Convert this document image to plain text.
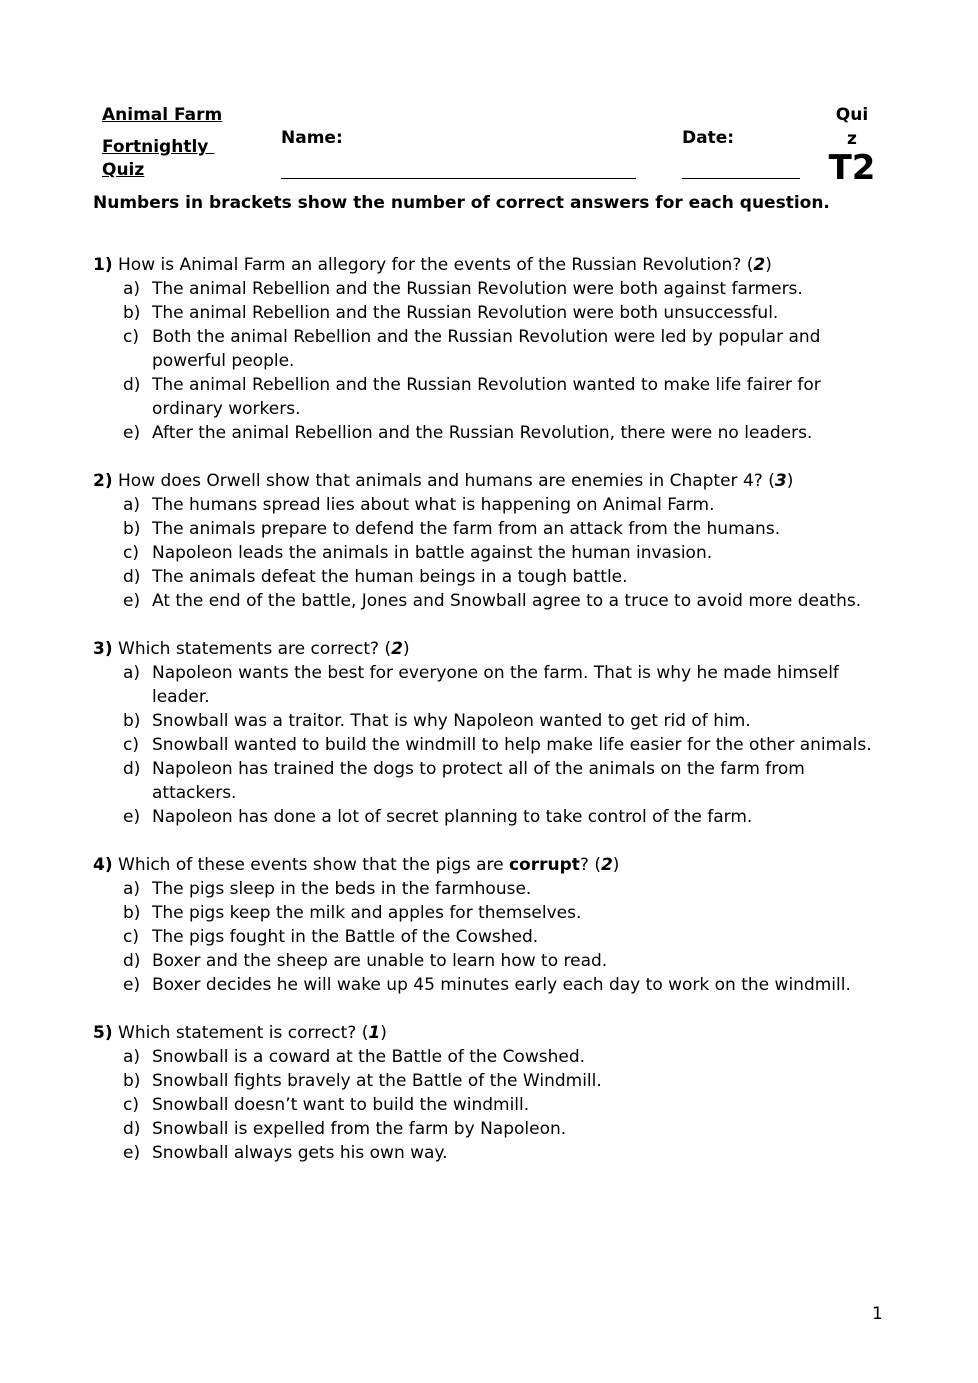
Animal Farm
Fortnightly
Quiz
Name:	Date:
Qui
z
T2
Numbers in brackets show the number of correct answers for each question.
1) How is Animal Farm an allegory for the events of the Russian Revolution? (2)
a) The animal Rebellion and the Russian Revolution were both against farmers.
b) The animal Rebellion and the Russian Revolution were both unsuccessful.
c) Both the animal Rebellion and the Russian Revolution were led by popular and powerful people.
d) The animal Rebellion and the Russian Revolution wanted to make life fairer for ordinary workers.
e) After the animal Rebellion and the Russian Revolution, there were no leaders.
2) How does Orwell show that animals and humans are enemies in Chapter 4? (3)
a) The humans spread lies about what is happening on Animal Farm.
b) The animals prepare to defend the farm from an attack from the humans.
c) Napoleon leads the animals in battle against the human invasion.
d) The animals defeat the human beings in a tough battle.
e) At the end of the battle, Jones and Snowball agree to a truce to avoid more deaths.
3) Which statements are correct? (2)
a) Napoleon wants the best for everyone on the farm. That is why he made himself leader.
b) Snowball was a traitor. That is why Napoleon wanted to get rid of him.
c) Snowball wanted to build the windmill to help make life easier for the other animals.
d) Napoleon has trained the dogs to protect all of the animals on the farm from attackers.
e) Napoleon has done a lot of secret planning to take control of the farm.
4) Which of these events show that the pigs are corrupt? (2)
a) The pigs sleep in the beds in the farmhouse.
b) The pigs keep the milk and apples for themselves.
c) The pigs fought in the Battle of the Cowshed.
d) Boxer and the sheep are unable to learn how to read.
e) Boxer decides he will wake up 45 minutes early each day to work on the windmill.
5) Which statement is correct? (1)
a) Snowball is a coward at the Battle of the Cowshed.
b) Snowball fights bravely at the Battle of the Windmill.
c) Snowball doesn’t want to build the windmill.
d) Snowball is expelled from the farm by Napoleon.
e) Snowball always gets his own way.
1
